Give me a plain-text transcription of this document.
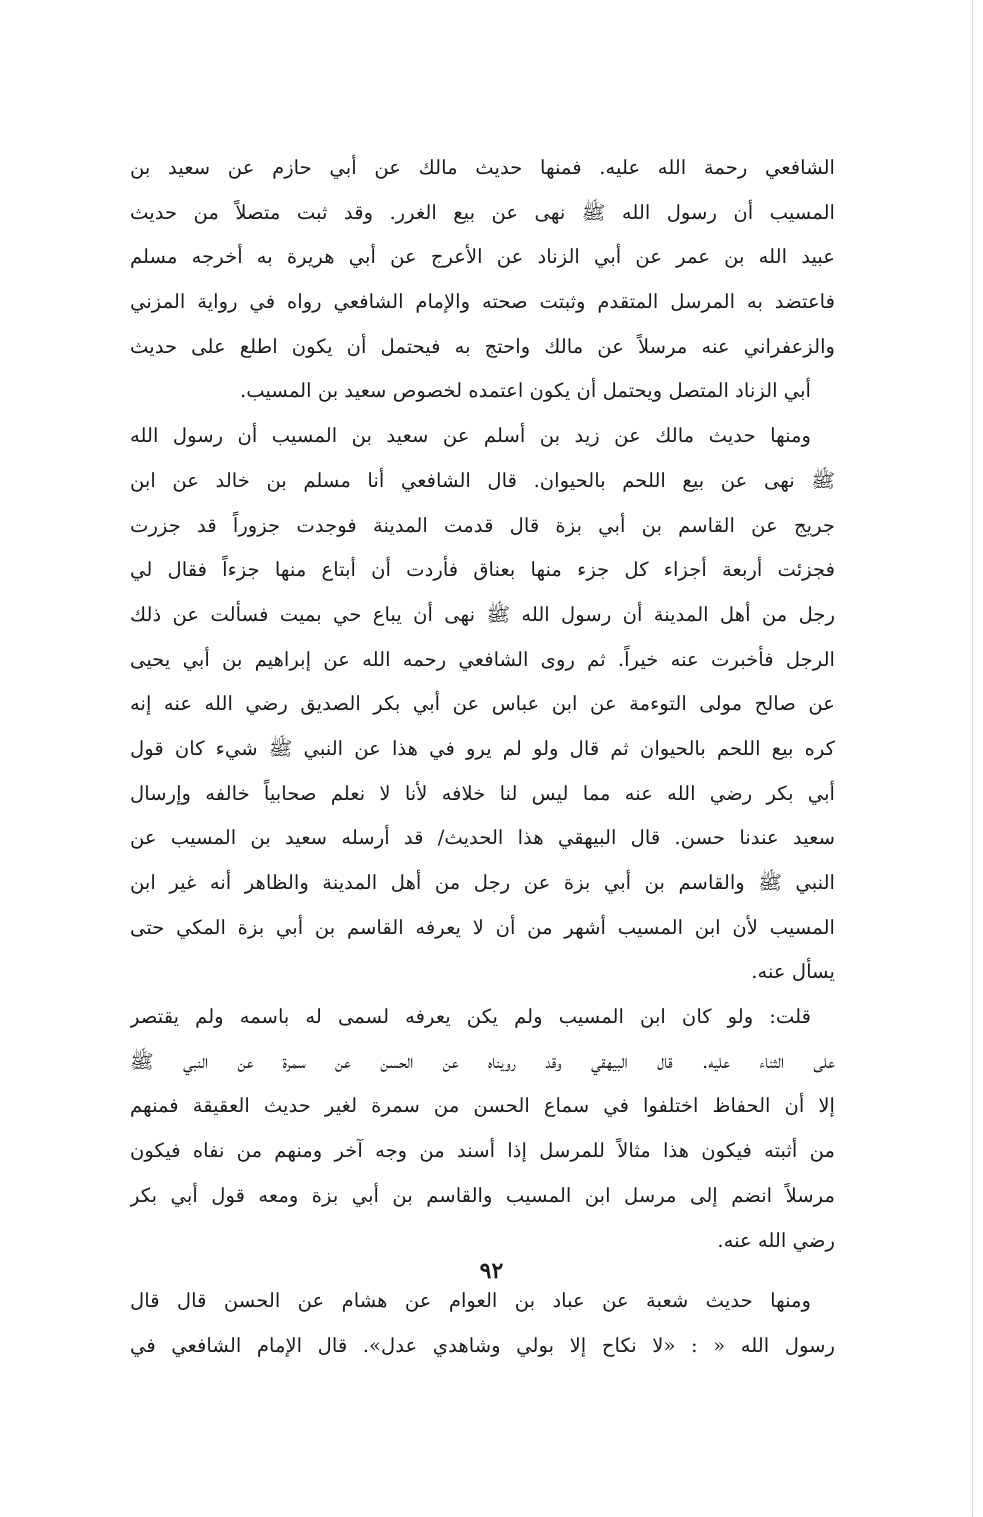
الشافعي رحمة الله عليه. فمنها حديث مالك عن أبي حازم عن سعيد بن
المسيب أن رسول الله ﷺ نهى عن بيع الغرر. وقد ثبت متصلاً من حديث
عبيد الله بن عمر عن أبي الزناد عن الأعرج عن أبي هريرة به أخرجه مسلم
فاعتضد به المرسل المتقدم وثبتت صحته والإمام الشافعي رواه في رواية المزني
والزعفراني عنه مرسلاً عن مالك واحتج به فيحتمل أن يكون اطلع على حديث
أبي الزناد المتصل ويحتمل أن يكون اعتمده لخصوص سعيد بن المسيب.
ومنها حديث مالك عن زيد بن أسلم عن سعيد بن المسيب أن رسول الله
ﷺ نهى عن بيع اللحم بالحيوان. قال الشافعي أنا مسلم بن خالد عن ابن
جريج عن القاسم بن أبي بزة قال قدمت المدينة فوجدت جزوراً قد جزرت
فجزئت أربعة أجزاء كل جزء منها بعناق فأردت أن أبتاع منها جزءاً فقال لي
رجل من أهل المدينة أن رسول الله ﷺ نهى أن يباع حي بميت فسألت عن ذلك
الرجل فأخبرت عنه خيراً. ثم روى الشافعي رحمه الله عن إبراهيم بن أبي يحيى
عن صالح مولى التوءمة عن ابن عباس عن أبي بكر الصديق رضي الله عنه إنه
كره بيع اللحم بالحيوان ثم قال ولو لم يرو في هذا عن النبي ﷺ شيء كان قول
أبي بكر رضي الله عنه مما ليس لنا خلافه لأنا لا نعلم صحابياً خالفه وإرسال
سعيد عندنا حسن. قال البيهقي هذا الحديث/ قد أرسله سعيد بن المسيب عن
النبي ﷺ والقاسم بن أبي بزة عن رجل من أهل المدينة والظاهر أنه غير ابن
المسيب لأن ابن المسيب أشهر من أن لا يعرفه القاسم بن أبي بزة المكي حتى
يسأل عنه.
قلت: ولو كان ابن المسيب ولم يكن يعرفه لسمى له باسمه ولم يقتصر
على الثناء عليه. قال البيهقي وقد رويناه عن الحسن عن سمرة عن النبي ﷺ
إلا أن الحفاظ اختلفوا في سماع الحسن من سمرة لغير حديث العقيقة فمنهم
من أثبته فيكون هذا مثالاً للمرسل إذا أسند من وجه آخر ومنهم من نفاه فيكون
مرسلاً انضم إلى مرسل ابن المسيب والقاسم بن أبي بزة ومعه قول أبي بكر
رضي الله عنه.
ومنها حديث شعبة عن عباد بن العوام عن هشام عن الحسن قال قال
رسول الله « : «لا نكاح إلا بولي وشاهدي عدل». قال الإمام الشافعي في
٩٢
